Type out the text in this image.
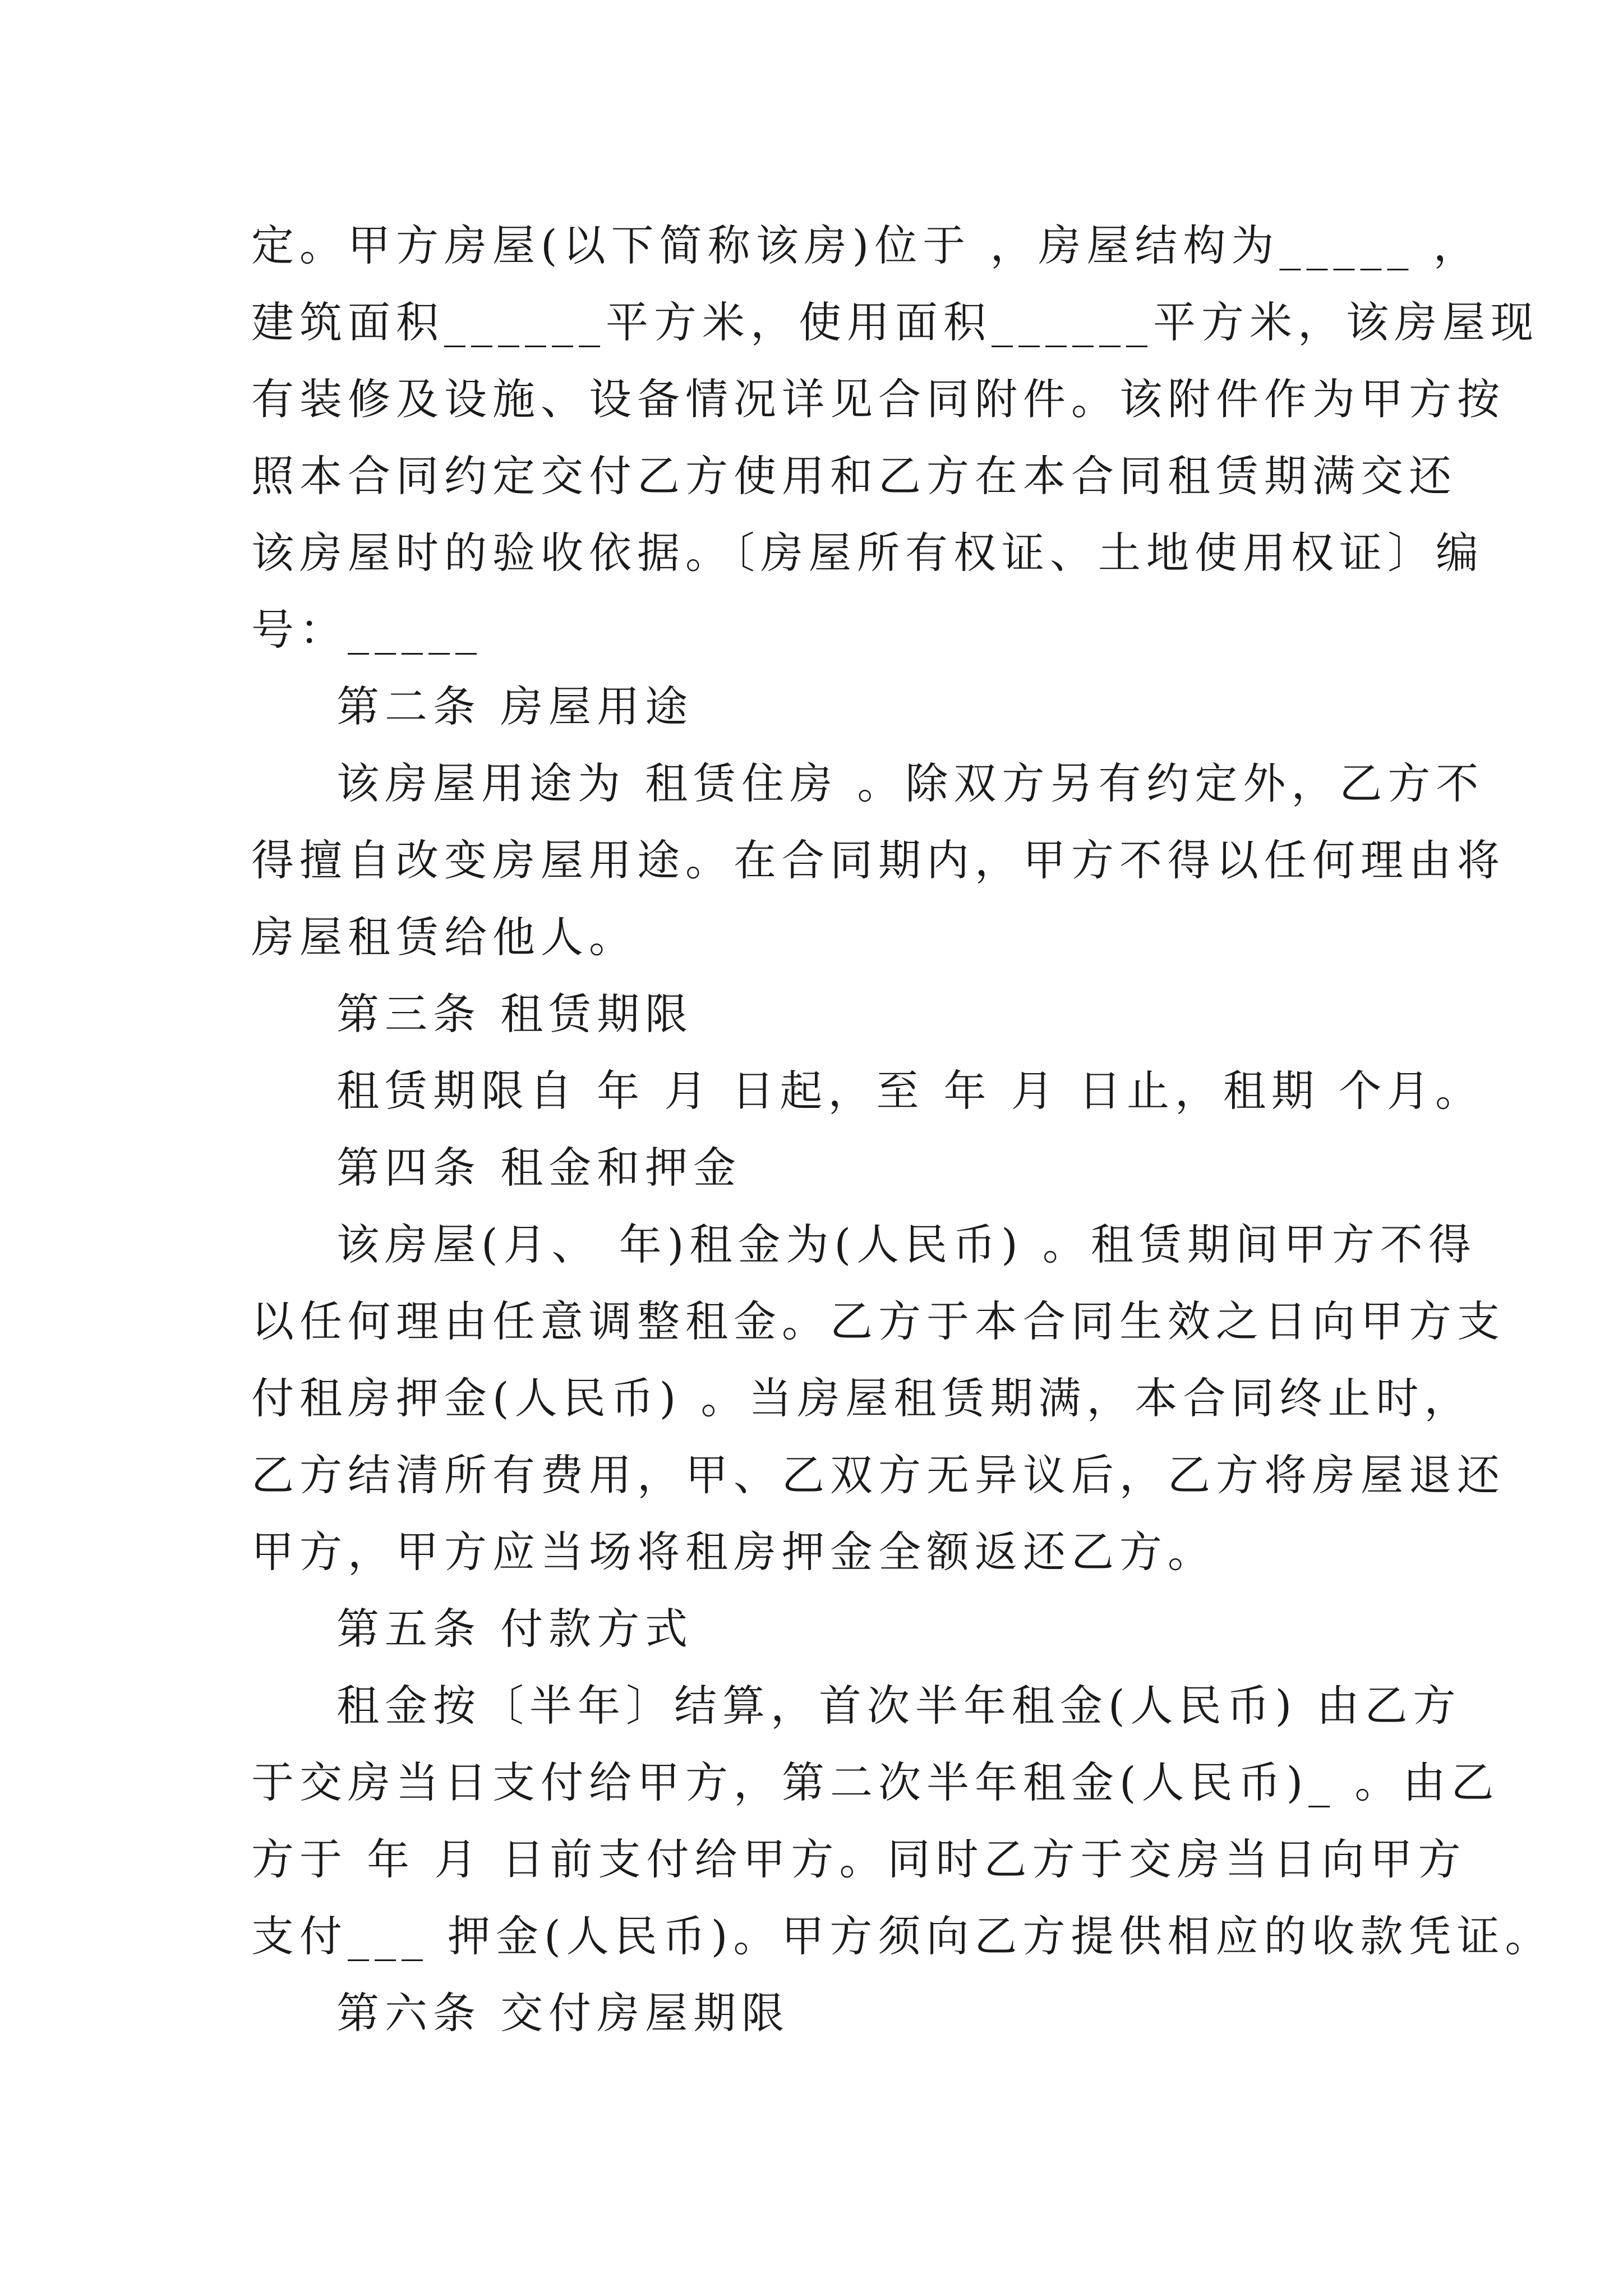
定。甲方房屋(以下简称该房)位于 ，房屋结构为_____ ，
建筑面积______平方米，使用面积______平方米，该房屋现
有装修及设施、设备情况详见合同附件。该附件作为甲方按
照本合同约定交付乙方使用和乙方在本合同租赁期满交还
该房屋时的验收依据。〔房屋所有权证、土地使用权证〕编
号：_____
第二条 房屋用途
该房屋用途为 租赁住房 。除双方另有约定外，乙方不
得擅自改变房屋用途。在合同期内，甲方不得以任何理由将
房屋租赁给他人。
第三条 租赁期限
租赁期限自 年 月 日起，至 年 月 日止，租期 个月。
第四条 租金和押金
该房屋(月、 年)租金为(人民币) 。租赁期间甲方不得
以任何理由任意调整租金。乙方于本合同生效之日向甲方支
付租房押金(人民币) 。当房屋租赁期满，本合同终止时，
乙方结清所有费用，甲、乙双方无异议后，乙方将房屋退还
甲方，甲方应当场将租房押金全额返还乙方。
第五条 付款方式
租金按〔半年〕结算，首次半年租金(人民币) 由乙方
于交房当日支付给甲方，第二次半年租金(人民币)_ 。由乙
方于 年 月 日前支付给甲方。同时乙方于交房当日向甲方
支付___ 押金(人民币)。甲方须向乙方提供相应的收款凭证。
第六条 交付房屋期限
